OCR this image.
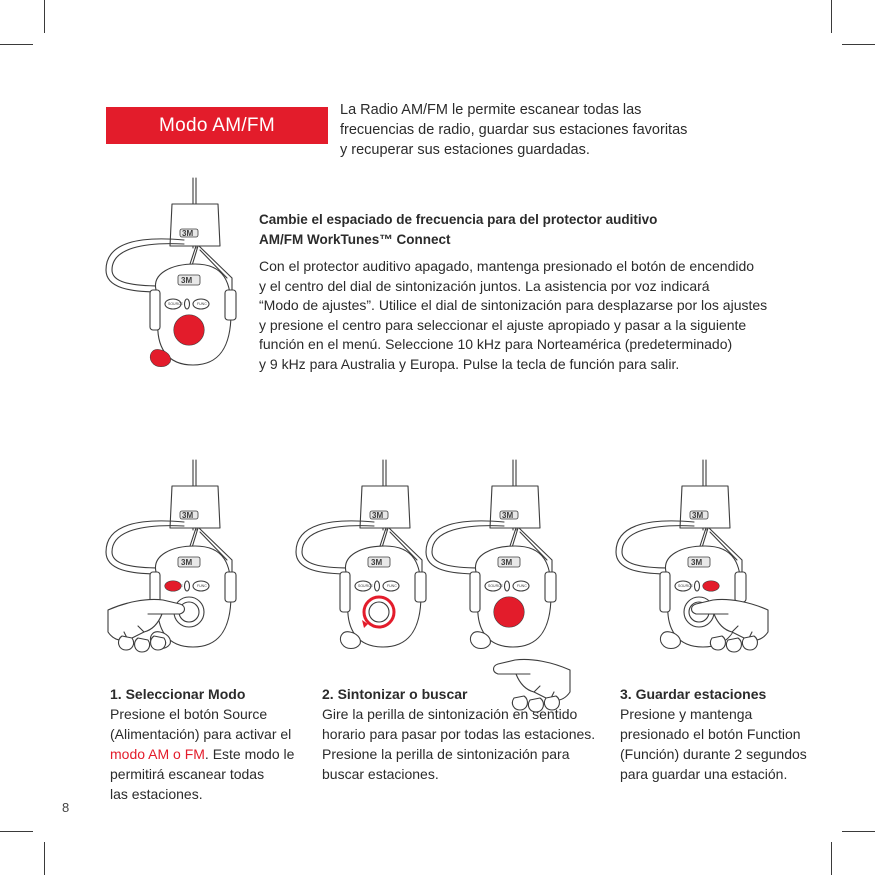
Modo AM/FM
La Radio AM/FM le permite escanear todas las
frecuencias de radio, guardar sus estaciones favoritas
y recuperar sus estaciones guardadas.
Cambie el espaciado de frecuencia para del protector auditivo
AM/FM WorkTunes™ Connect
Con el protector auditivo apagado, mantenga presionado el botón de encendido
y el centro del dial de sintonización juntos. La asistencia por voz indicará
“Modo de ajustes”. Utilice el dial de sintonización para desplazarse por los ajustes
y presione el centro para seleccionar el ajuste apropiado y pasar a la siguiente
función en el menú. Seleccione 10 kHz para Norteamérica (predeterminado)
y 9 kHz para Australia y Europa. Pulse la tecla de función para salir.
1. Seleccionar Modo
Presione el botón Source
(Alimentación) para activar el
modo AM o FM. Este modo le
permitirá escanear todas
las estaciones.
2. Sintonizar o buscar
Gire la perilla de sintonización en sentido
horario para pasar por todas las estaciones.
Presione la perilla de sintonización para
buscar estaciones.
3. Guardar estaciones
Presione y mantenga
presionado el botón Function
(Función) durante 2 segundos
para guardar una estación.
8
